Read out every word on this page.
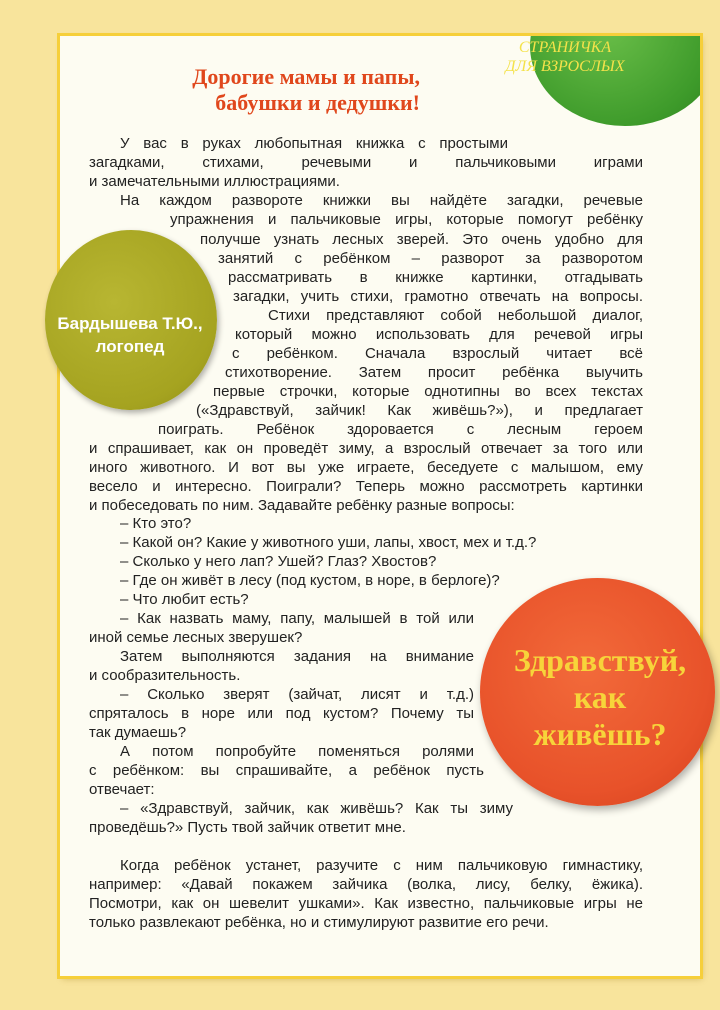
СТРАНИЧКА
ДЛЯ ВЗРОСЛЫХ
Дорогие мамы и папы,
бабушки и дедушки!
Бардышева Т.Ю.,
логопед
Здравствуй,
как
живёшь?
У вас в руках любопытная книжка с простыми
загадками, стихами, речевыми и пальчиковыми играми
и замечательными иллюстрациями.
На каждом развороте книжки вы найдёте загадки, речевые
упражнения и пальчиковые игры, которые помогут ребёнку
получше узнать лесных зверей. Это очень удобно для
занятий с ребёнком – разворот за разворотом
рассматривать в книжке картинки, отгадывать
загадки, учить стихи, грамотно отвечать на вопросы.
Стихи представляют собой небольшой диалог,
который можно использовать для речевой игры
с ребёнком. Сначала взрослый читает всё
стихотворение. Затем просит ребёнка выучить
первые строчки, которые однотипны во всех текстах
(«Здравствуй, зайчик! Как живёшь?»), и предлагает
поиграть. Ребёнок здоровается с лесным героем
и спрашивает, как он проведёт зиму, а взрослый отвечает за того или
иного животного. И вот вы уже играете, беседуете с малышом, ему
весело и интересно. Поиграли? Теперь можно рассмотреть картинки
и побеседовать по ним. Задавайте ребёнку разные вопросы:
– Кто это?
– Какой он? Какие у животного уши, лапы, хвост, мех и т.д.?
– Сколько у него лап? Ушей? Глаз? Хвостов?
– Где он живёт в лесу (под кустом, в норе, в берлоге)?
– Что любит есть?
– Как назвать маму, папу, малышей в той или
иной семье лесных зверушек?
Затем выполняются задания на внимание
и сообразительность.
– Сколько зверят (зайчат, лисят и т.д.)
спряталось в норе или под кустом? Почему ты
так думаешь?
А потом попробуйте поменяться ролями
с ребёнком: вы спрашивайте, а ребёнок пусть
отвечает:
– «Здравствуй, зайчик, как живёшь? Как ты зиму
проведёшь?» Пусть твой зайчик ответит мне.
Когда ребёнок устанет, разучите с ним пальчиковую гимнастику,
например: «Давай покажем зайчика (волка, лису, белку, ёжика).
Посмотри, как он шевелит ушками». Как известно, пальчиковые игры не
только развлекают ребёнка, но и стимулируют развитие его речи.
